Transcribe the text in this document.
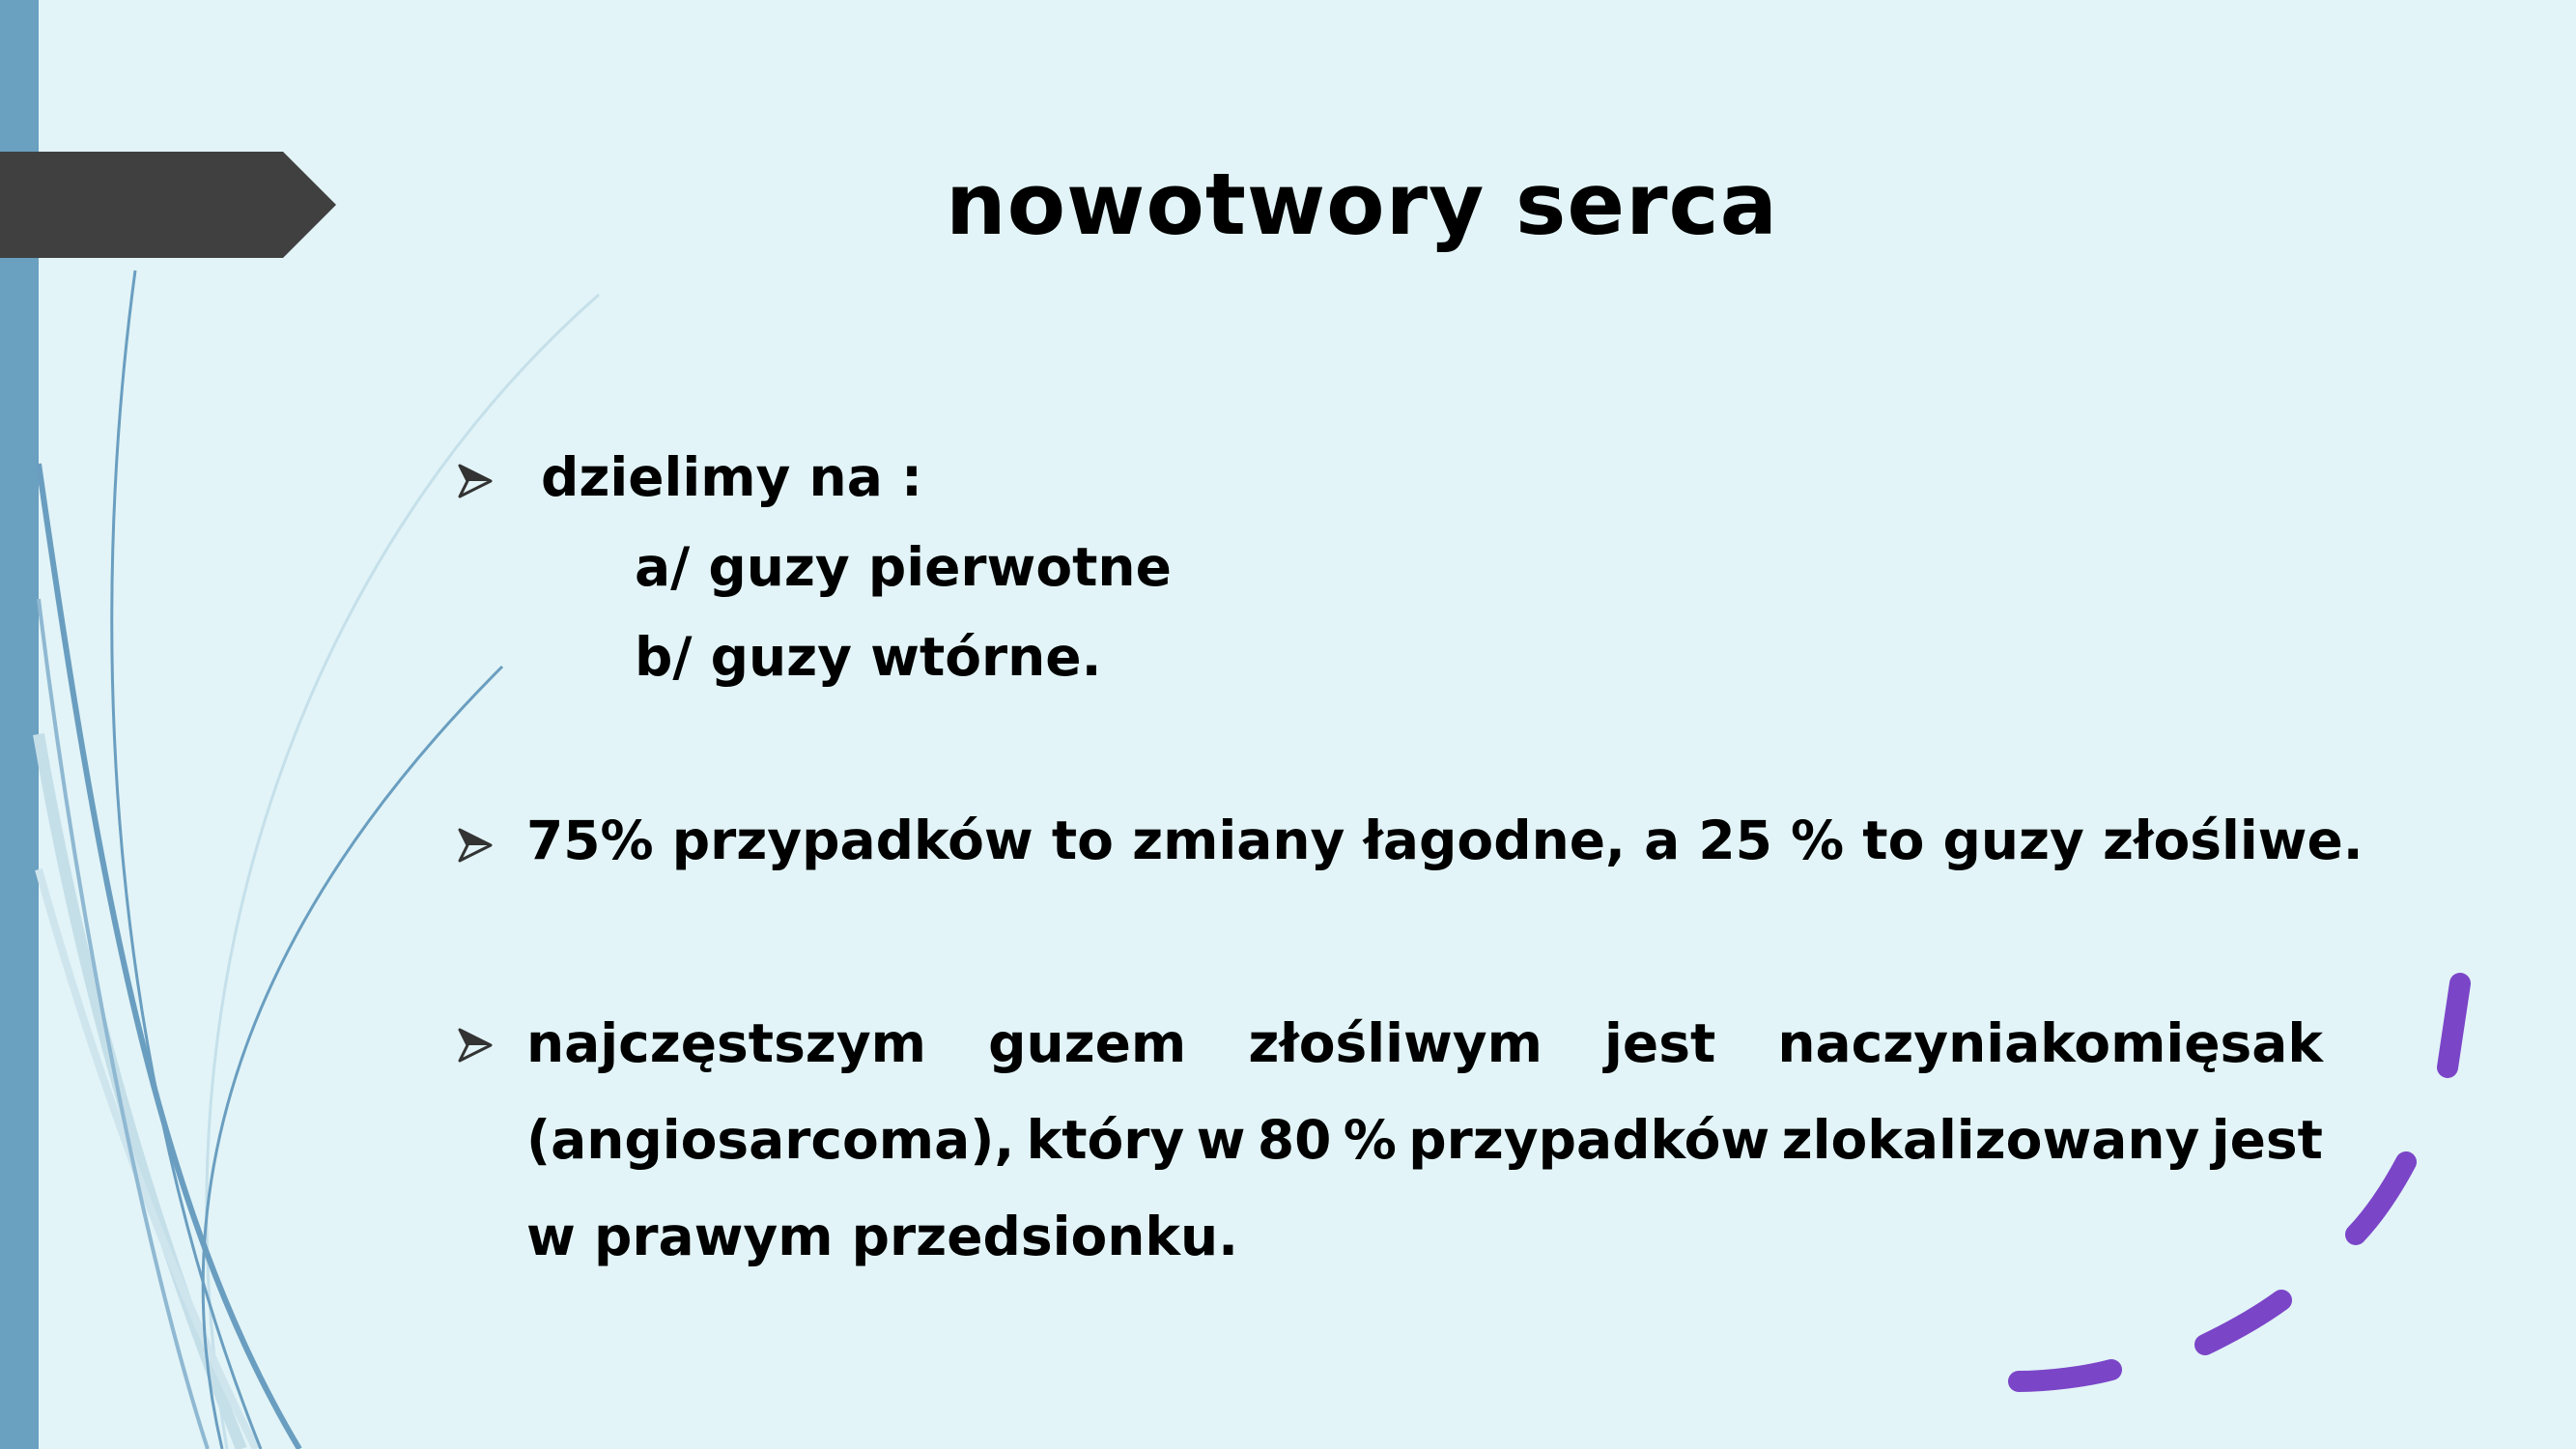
nowotwory serca

dzielimy na :

a/ guzy pierwotne

b/ guzy wtórne.

75% przypadków to zmiany łagodne, a 25 % to guzy złośliwe.

najczęstszym guzem złośliwym jest naczyniakomięsak
(angiosarcoma), który w 80 % przypadków zlokalizowany jest

w prawym przedsionku.
